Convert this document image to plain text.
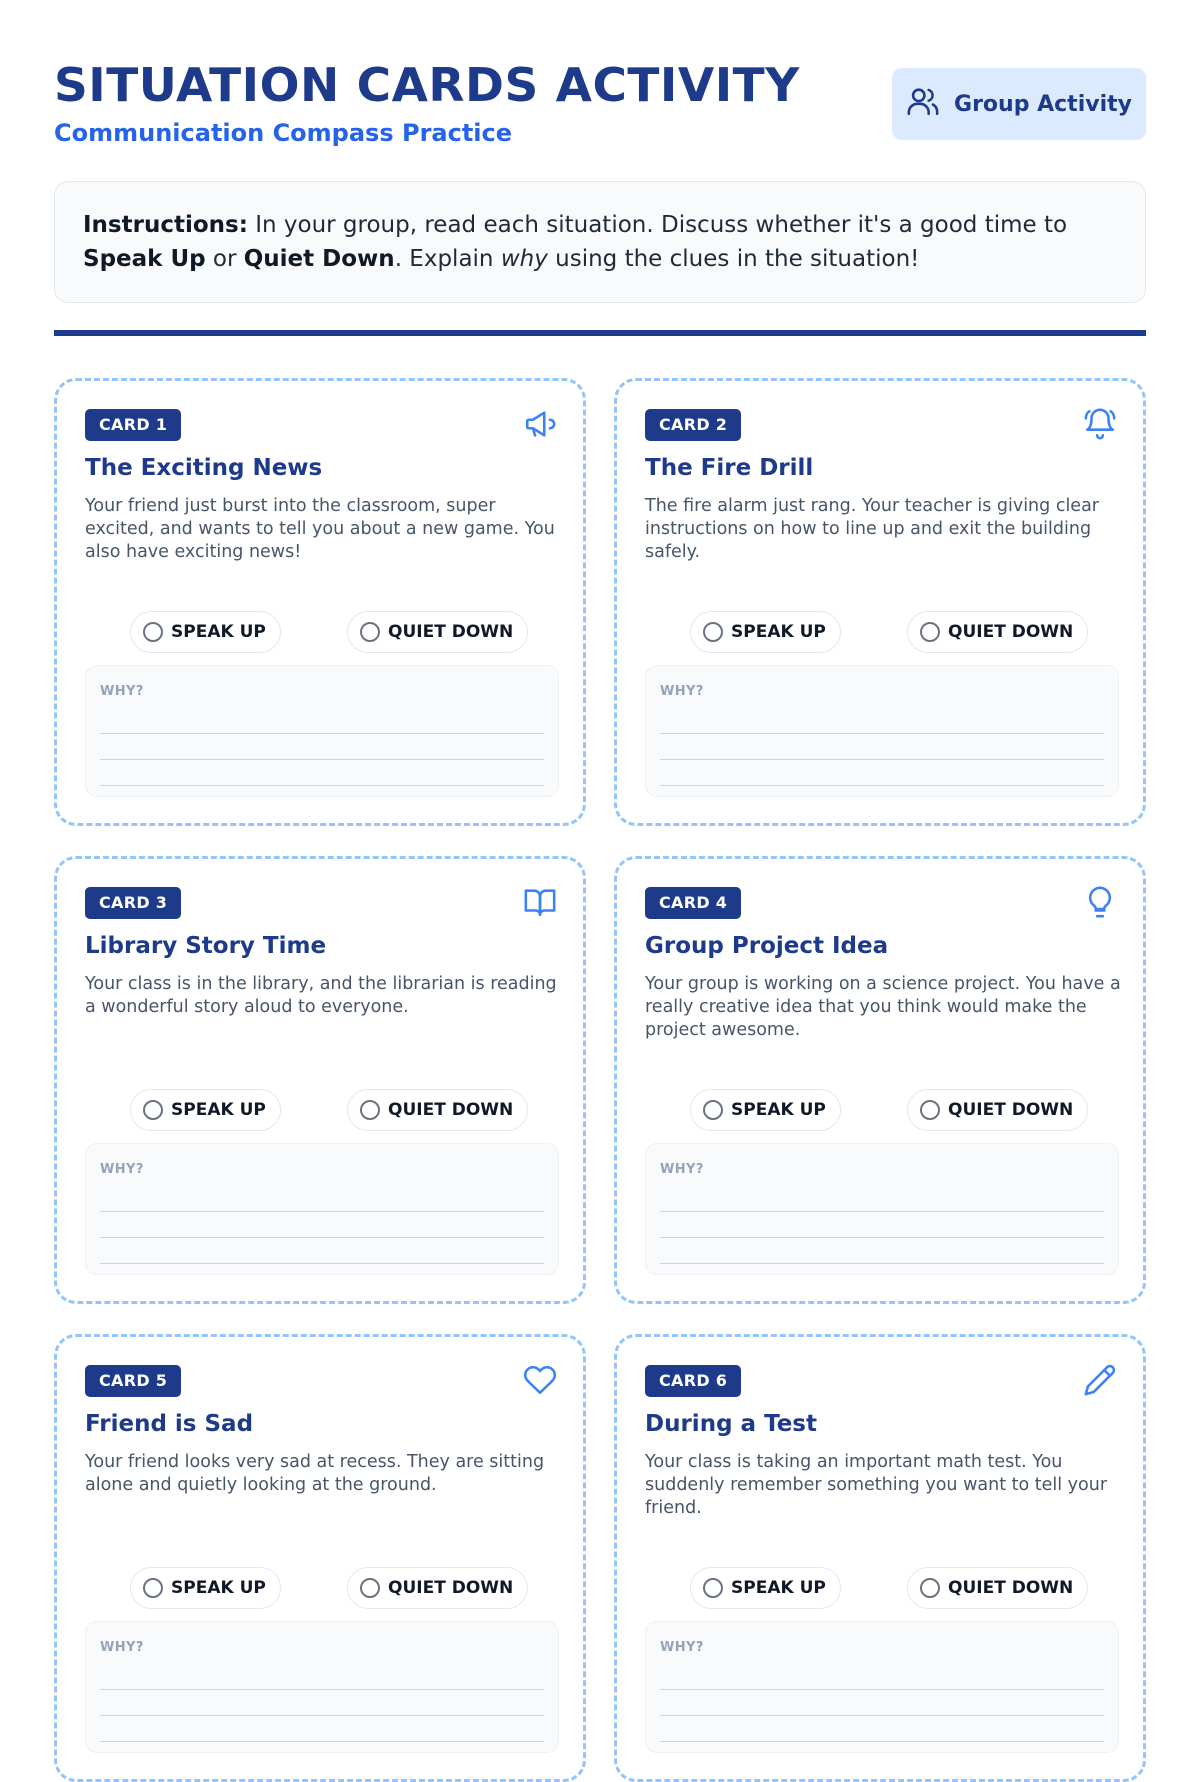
SITUATION CARDS ACTIVITY
Communication Compass Practice
Group Activity
Instructions: In your group, read each situation. Discuss whether it's a good time to Speak Up or Quiet Down. Explain why using the clues in the situation!
CARD 1
The Exciting News
Your friend just burst into the classroom, super excited, and wants to tell you about a new game. You also have exciting news!
SPEAK UP	QUIET DOWN
WHY?
CARD 2
The Fire Drill
The fire alarm just rang. Your teacher is giving clear instructions on how to line up and exit the building safely.
SPEAK UP	QUIET DOWN
WHY?
CARD 3
Library Story Time
Your class is in the library, and the librarian is reading a wonderful story aloud to everyone.
SPEAK UP	QUIET DOWN
WHY?
CARD 4
Group Project Idea
Your group is working on a science project. You have a really creative idea that you think would make the project awesome.
SPEAK UP	QUIET DOWN
WHY?
CARD 5
Friend is Sad
Your friend looks very sad at recess. They are sitting alone and quietly looking at the ground.
SPEAK UP	QUIET DOWN
WHY?
CARD 6
During a Test
Your class is taking an important math test. You suddenly remember something you want to tell your friend.
SPEAK UP	QUIET DOWN
WHY?
